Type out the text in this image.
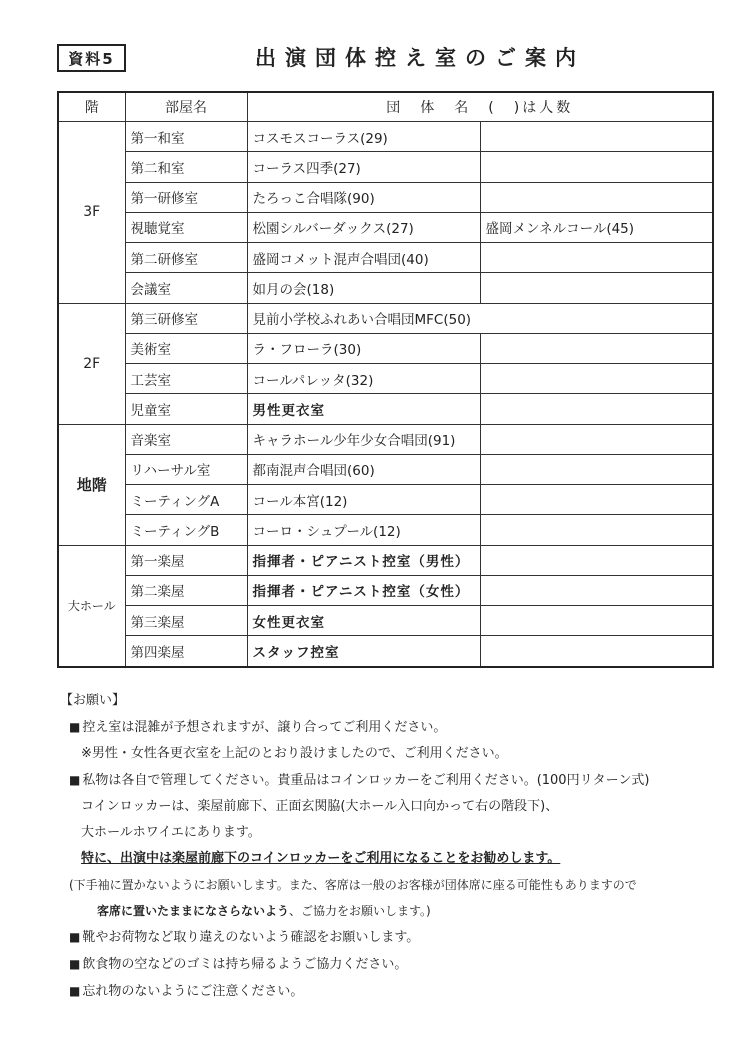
資料5	出演団体控え室のご案内
階	部屋名	団　体　名　(　)は人数	
3F	第一和室	コスモスコーラス(29)	
	第二和室	コーラス四季(27)	
	第一研修室	たろっこ合唱隊(90)	
	視聴覚室	松園シルバーダックス(27)	盛岡メンネルコール(45)
	第二研修室	盛岡コメット混声合唱団(40)	
	会議室	如月の会(18)	
2F	第三研修室	見前小学校ふれあい合唱団MFC(50)	
	美術室	ラ・フローラ(30)	
	工芸室	コールパレッタ(32)	
	児童室	男性更衣室	
地階	音楽室	キャラホール少年少女合唱団(91)	
	リハーサル室	都南混声合唱団(60)	
	ミーティングA	コール本宮(12)	
	ミーティングB	コーロ・シュプール(12)	
大ホール	第一楽屋	指揮者・ピアニスト控室（男性）	
	第二楽屋	指揮者・ピアニスト控室（女性）	
	第三楽屋	女性更衣室	
	第四楽屋	スタッフ控室	
【お願い】
■ 控え室は混雑が予想されますが、譲り合ってご利用ください。
※男性・女性各更衣室を上記のとおり設けましたので、ご利用ください。
■ 私物は各自で管理してください。貴重品はコインロッカーをご利用ください。(100円リターン式)
コインロッカーは、楽屋前廊下、正面玄関脇(大ホール入口向かって右の階段下)、
大ホールホワイエにあります。
特に、出演中は楽屋前廊下のコインロッカーをご利用になることをお勧めします。
(下手袖に置かないようにお願いします。また、客席は一般のお客様が団体席に座る可能性もありますので
客席に置いたままになさらないよう、ご協力をお願いします。)
■ 靴やお荷物など取り違えのないよう確認をお願いします。
■ 飲食物の空などのゴミは持ち帰るようご協力ください。
■ 忘れ物のないようにご注意ください。
